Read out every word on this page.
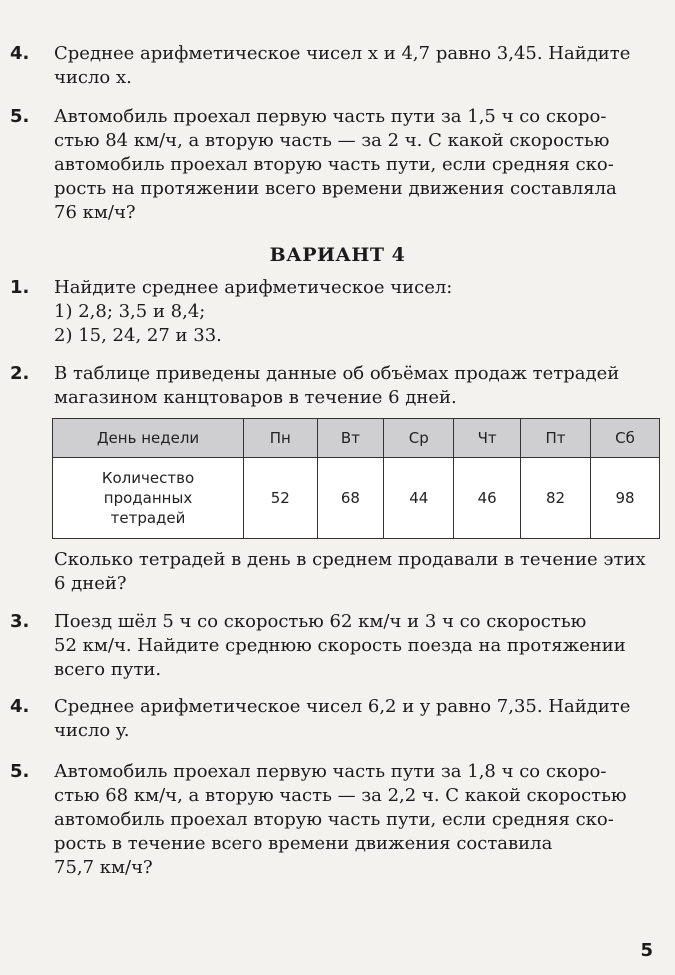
4.	Среднее арифметическое чисел x и 4,7 равно 3,45. Найдите
число x.
5.	Автомобиль проехал первую часть пути за 1,5 ч со скоро-
стью 84 км/ч, а вторую часть — за 2 ч. С какой скоростью
автомобиль проехал вторую часть пути, если средняя ско-
рость на протяжении всего времени движения составляла
76 км/ч?
ВАРИАНТ 4
1.	Найдите среднее арифметическое чисел:
1) 2,8; 3,5 и 8,4;
2) 15, 24, 27 и 33.
2.	В таблице приведены данные об объёмах продаж тетрадей
магазином канцтоваров в течение 6 дней.
День недели	Пн	Вт	Ср	Чт	Пт	Сб

Количество
проданных
тетрадей	52	68	44	46	82	98
Сколько тетрадей в день в среднем продавали в течение этих
6 дней?
3.	Поезд шёл 5 ч со скоростью 62 км/ч и 3 ч со скоростью
52 км/ч. Найдите среднюю скорость поезда на протяжении
всего пути.
4.	Среднее арифметическое чисел 6,2 и y равно 7,35. Найдите
число y.
5.	Автомобиль проехал первую часть пути за 1,8 ч со скоро-
стью 68 км/ч, а вторую часть — за 2,2 ч. С какой скоростью
автомобиль проехал вторую часть пути, если средняя ско-
рость в течение всего времени движения составила
75,7 км/ч?
5
